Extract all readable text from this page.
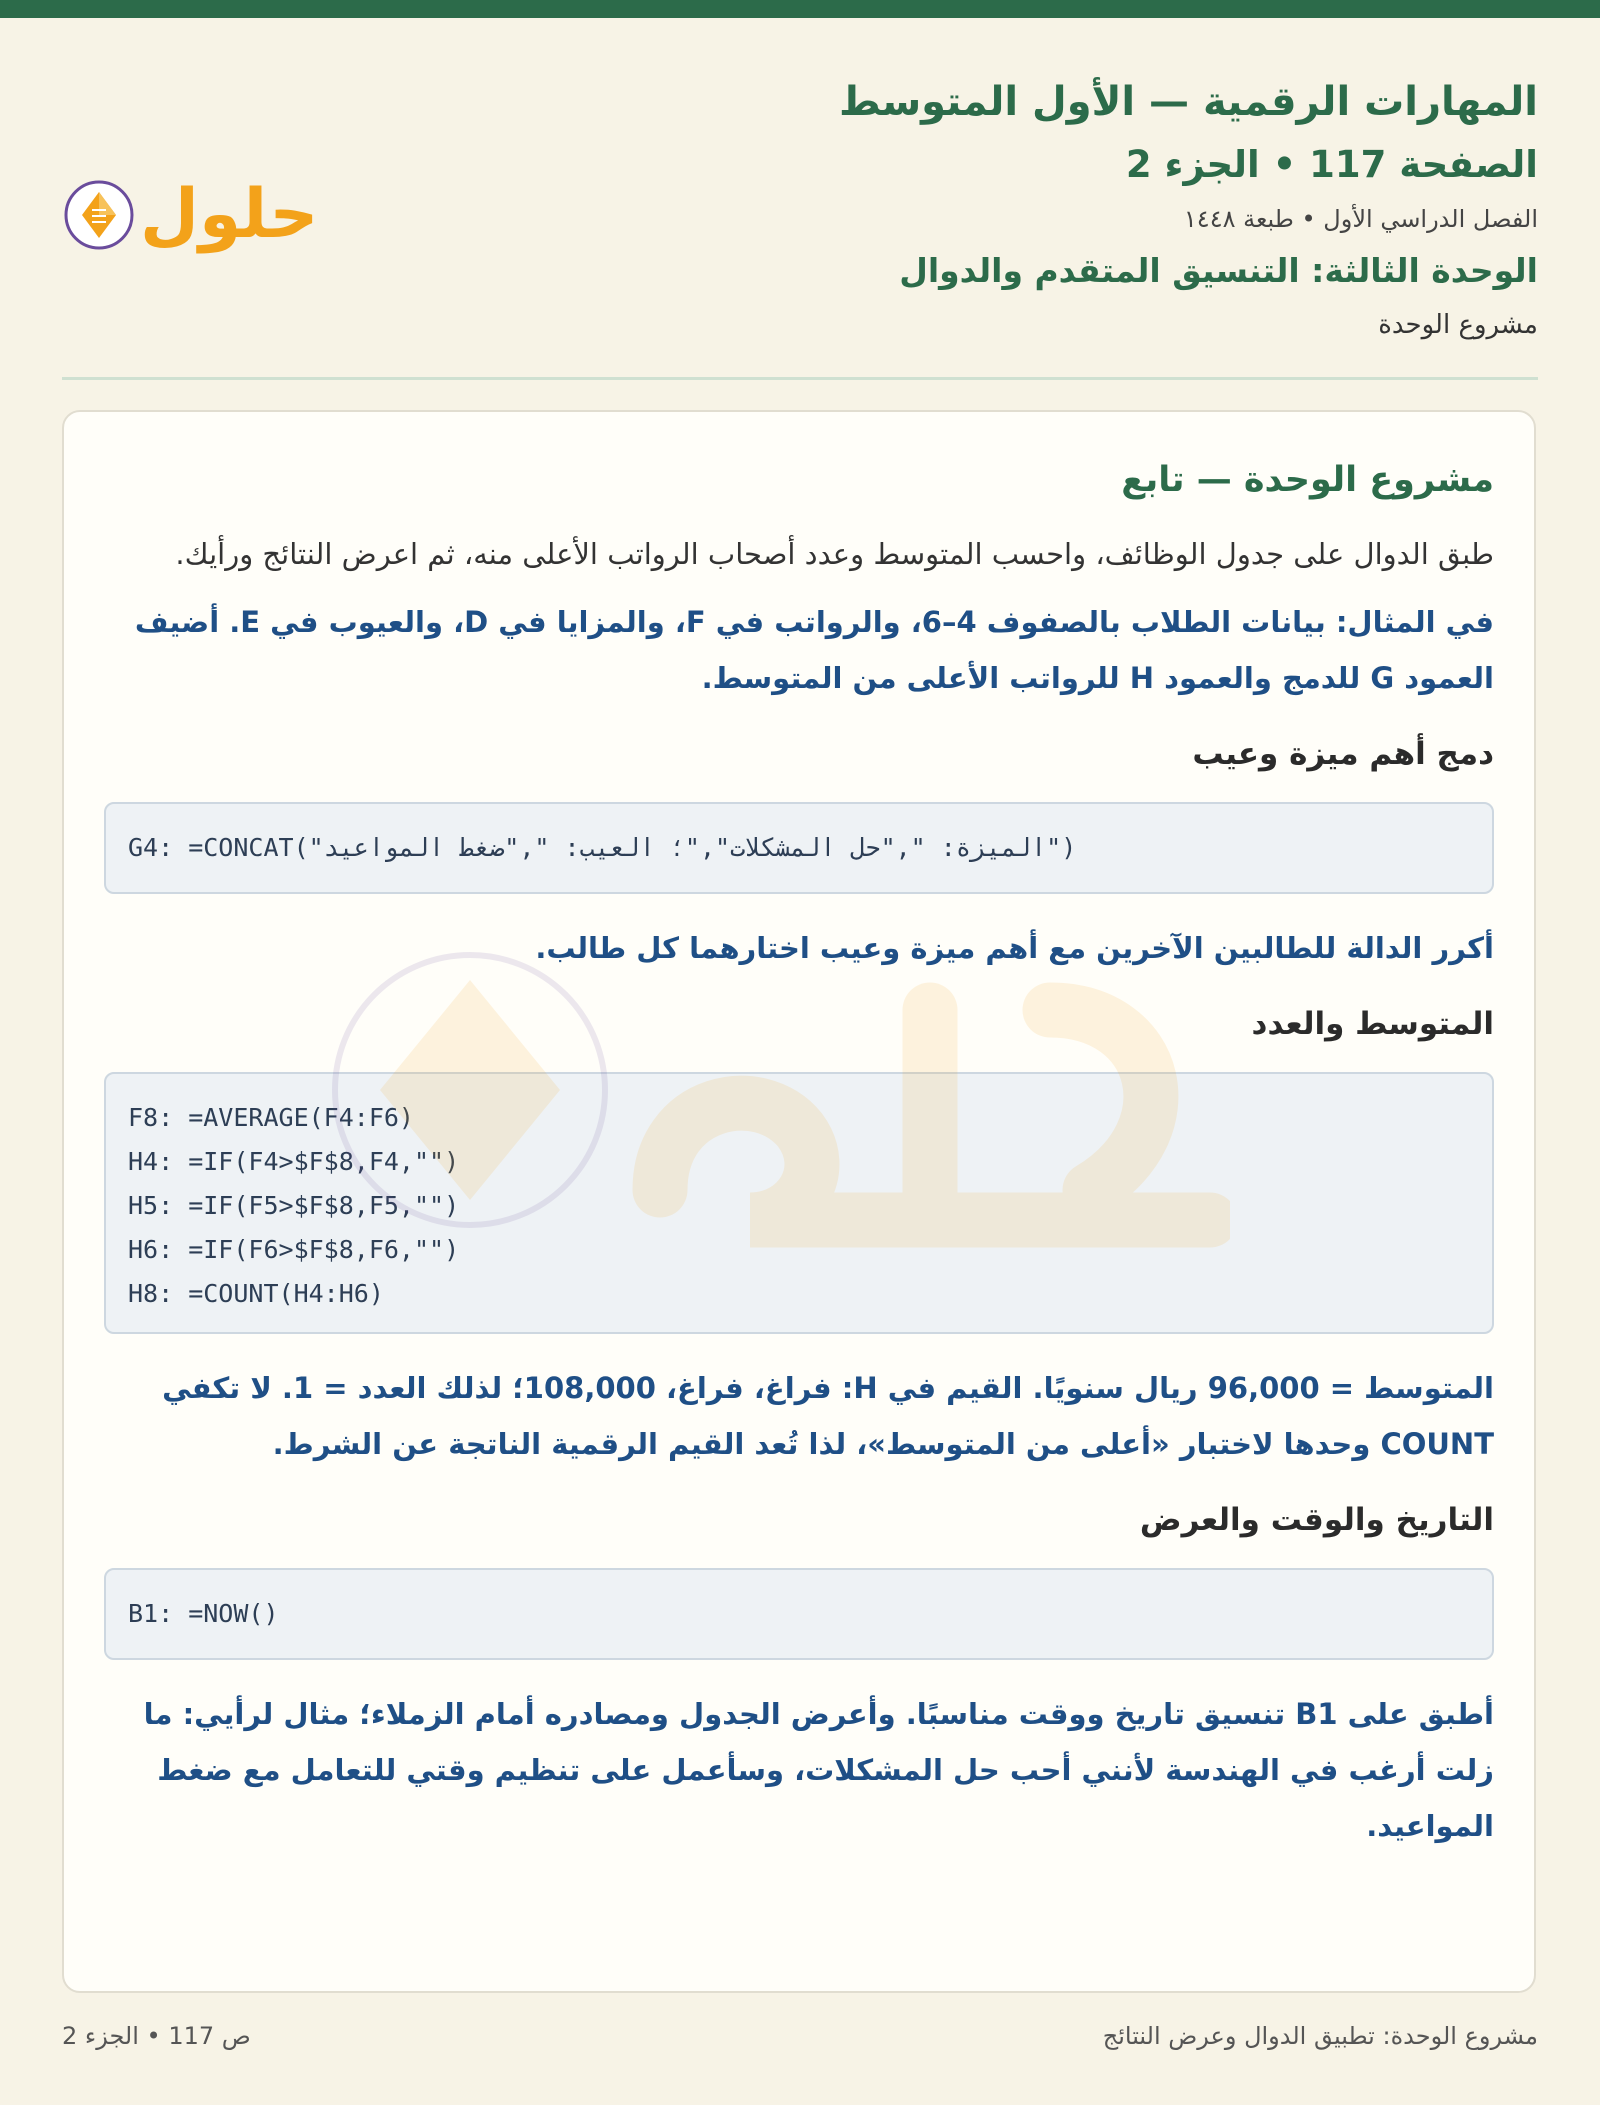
المهارات الرقمية — الأول المتوسط
الصفحة 117 • الجزء 2
الفصل الدراسي الأول • طبعة ١٤٤٨
الوحدة الثالثة: التنسيق المتقدم والدوال
مشروع الوحدة
حلول
مشروع الوحدة — تابع
طبق الدوال على جدول الوظائف، واحسب المتوسط وعدد أصحاب الرواتب الأعلى منه، ثم اعرض النتائج ورأيك.
في المثال: بيانات الطلاب بالصفوف 4–6، والرواتب في F، والمزايا في D، والعيوب في E. أضيف العمود G للدمج والعمود H للرواتب الأعلى من المتوسط.
دمج أهم ميزة وعيب
G4: =CONCAT("الميزة: ","حل المشكلات","؛ العيب: ","ضغط المواعيد")
أكرر الدالة للطالبين الآخرين مع أهم ميزة وعيب اختارهما كل طالب.
المتوسط والعدد
F8: =AVERAGE(F4:F6)
H4: =IF(F4>$F$8,F4,"")
H5: =IF(F5>$F$8,F5,"")
H6: =IF(F6>$F$8,F6,"")
H8: =COUNT(H4:H6)
المتوسط = 96,000 ريال سنويًا. القيم في H: فراغ، فراغ، 108,000؛ لذلك العدد = 1. لا تكفي COUNT وحدها لاختبار «أعلى من المتوسط»، لذا تُعد القيم الرقمية الناتجة عن الشرط.
التاريخ والوقت والعرض
B1: =NOW()
أطبق على B1 تنسيق تاريخ ووقت مناسبًا. وأعرض الجدول ومصادره أمام الزملاء؛ مثال لرأيي: ما زلت أرغب في الهندسة لأنني أحب حل المشكلات، وسأعمل على تنظيم وقتي للتعامل مع ضغط المواعيد.
مشروع الوحدة: تطبيق الدوال وعرض النتائج
ص 117 • الجزء 2
